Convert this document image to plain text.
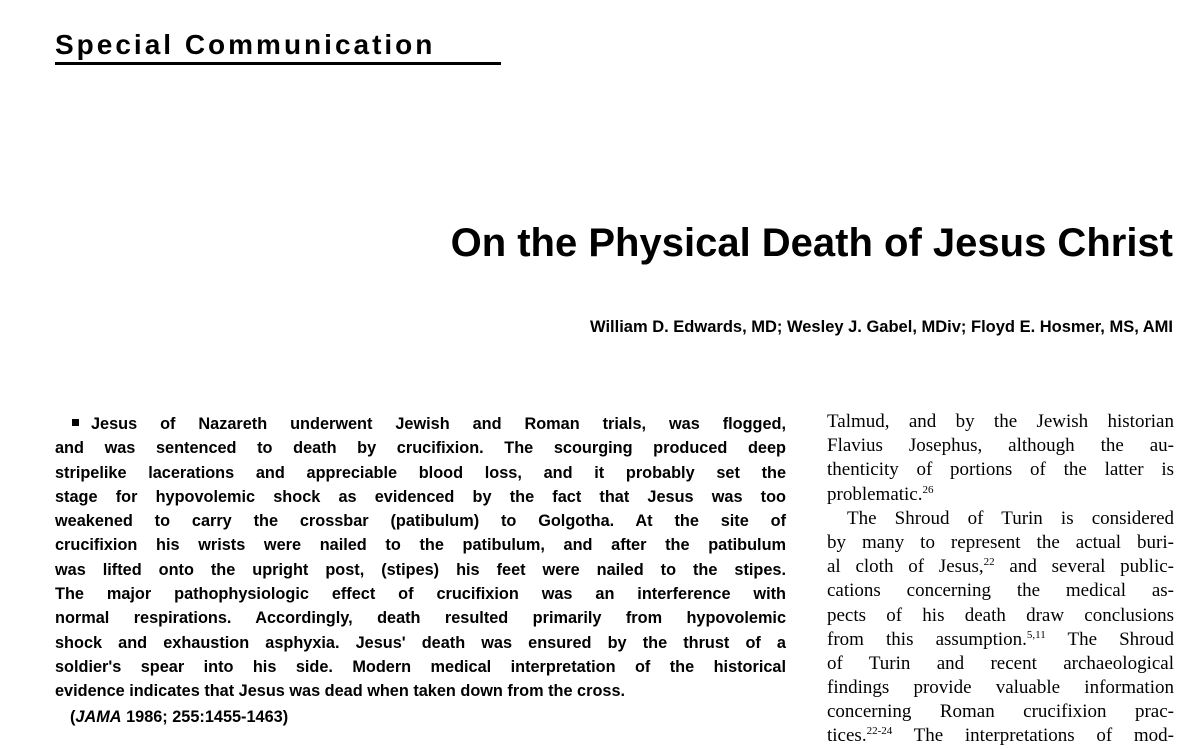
Special Communication
On the Physical Death of Jesus Christ
William D. Edwards, MD; Wesley J. Gabel, MDiv; Floyd E. Hosmer, MS, AMI
Jesus of Nazareth underwent Jewish and Roman trials, was flogged,
and was sentenced to death by crucifixion. The scourging produced deep
stripelike lacerations and appreciable blood loss, and it probably set the
stage for hypovolemic shock as evidenced by the fact that Jesus was too
weakened to carry the crossbar (patibulum) to Golgotha. At the site of
crucifixion his wrists were nailed to the patibulum, and after the patibulum
was lifted onto the upright post, (stipes) his feet were nailed to the stipes.
The major pathophysiologic effect of crucifixion was an interference with
normal respirations. Accordingly, death resulted primarily from hypovolemic
shock and exhaustion asphyxia. Jesus' death was ensured by the thrust of a
soldier's spear into his side. Modern medical interpretation of the historical
evidence indicates that Jesus was dead when taken down from the cross.
(JAMA 1986; 255:1455-1463)
Talmud, and by the Jewish historian
Flavius Josephus, although the au-
thenticity of portions of the latter is
problematic.$^{26}$
The Shroud of Turin is considered
by many to represent the actual buri-
al cloth of Jesus,$^{22}$ and several public-
cations concerning the medical as-
pects of his death draw conclusions
from this assumption.$^{5,11}$ The Shroud
of Turin and recent archaeological
findings provide valuable information
concerning Roman crucifixion prac-
tices.$^{22-24}$ The interpretations of mod-
